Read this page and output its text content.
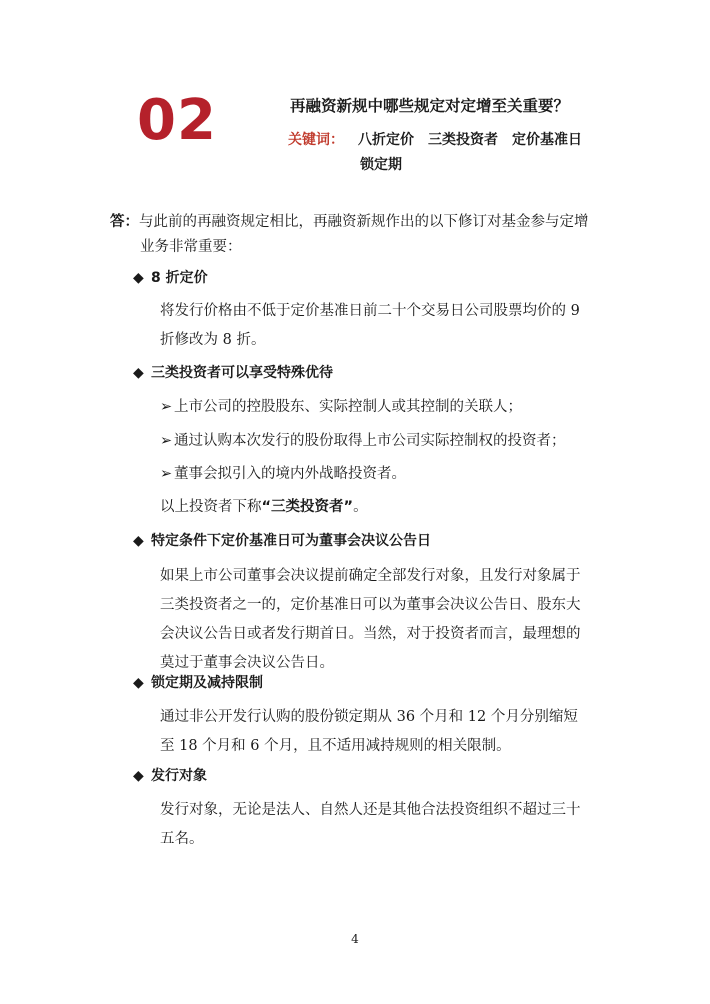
02	再融资新规中哪些规定对定增至关重要？
关键词： 八折定价 三类投资者 定价基准日
锁定期
答：与此前的再融资规定相比，再融资新规作出的以下修订对基金参与定增
业务非常重要：
◆ 8 折定价
将发行价格由不低于定价基准日前二十个交易日公司股票均价的 9 折修改为 8 折。
◆ 三类投资者可以享受特殊优待
➢ 上市公司的控股股东、实际控制人或其控制的关联人；
➢ 通过认购本次发行的股份取得上市公司实际控制权的投资者；
➢ 董事会拟引入的境内外战略投资者。
以上投资者下称“三类投资者”。
◆ 特定条件下定价基准日可为董事会决议公告日
如果上市公司董事会决议提前确定全部发行对象，且发行对象属于三类投资者之一的，定价基准日可以为董事会决议公告日、股东大会决议公告日或者发行期首日。当然，对于投资者而言，最理想的莫过于董事会决议公告日。
◆ 锁定期及减持限制
通过非公开发行认购的股份锁定期从 36 个月和 12 个月分别缩短至 18 个月和 6 个月，且不适用减持规则的相关限制。
◆ 发行对象
发行对象，无论是法人、自然人还是其他合法投资组织不超过三十五名。
4
